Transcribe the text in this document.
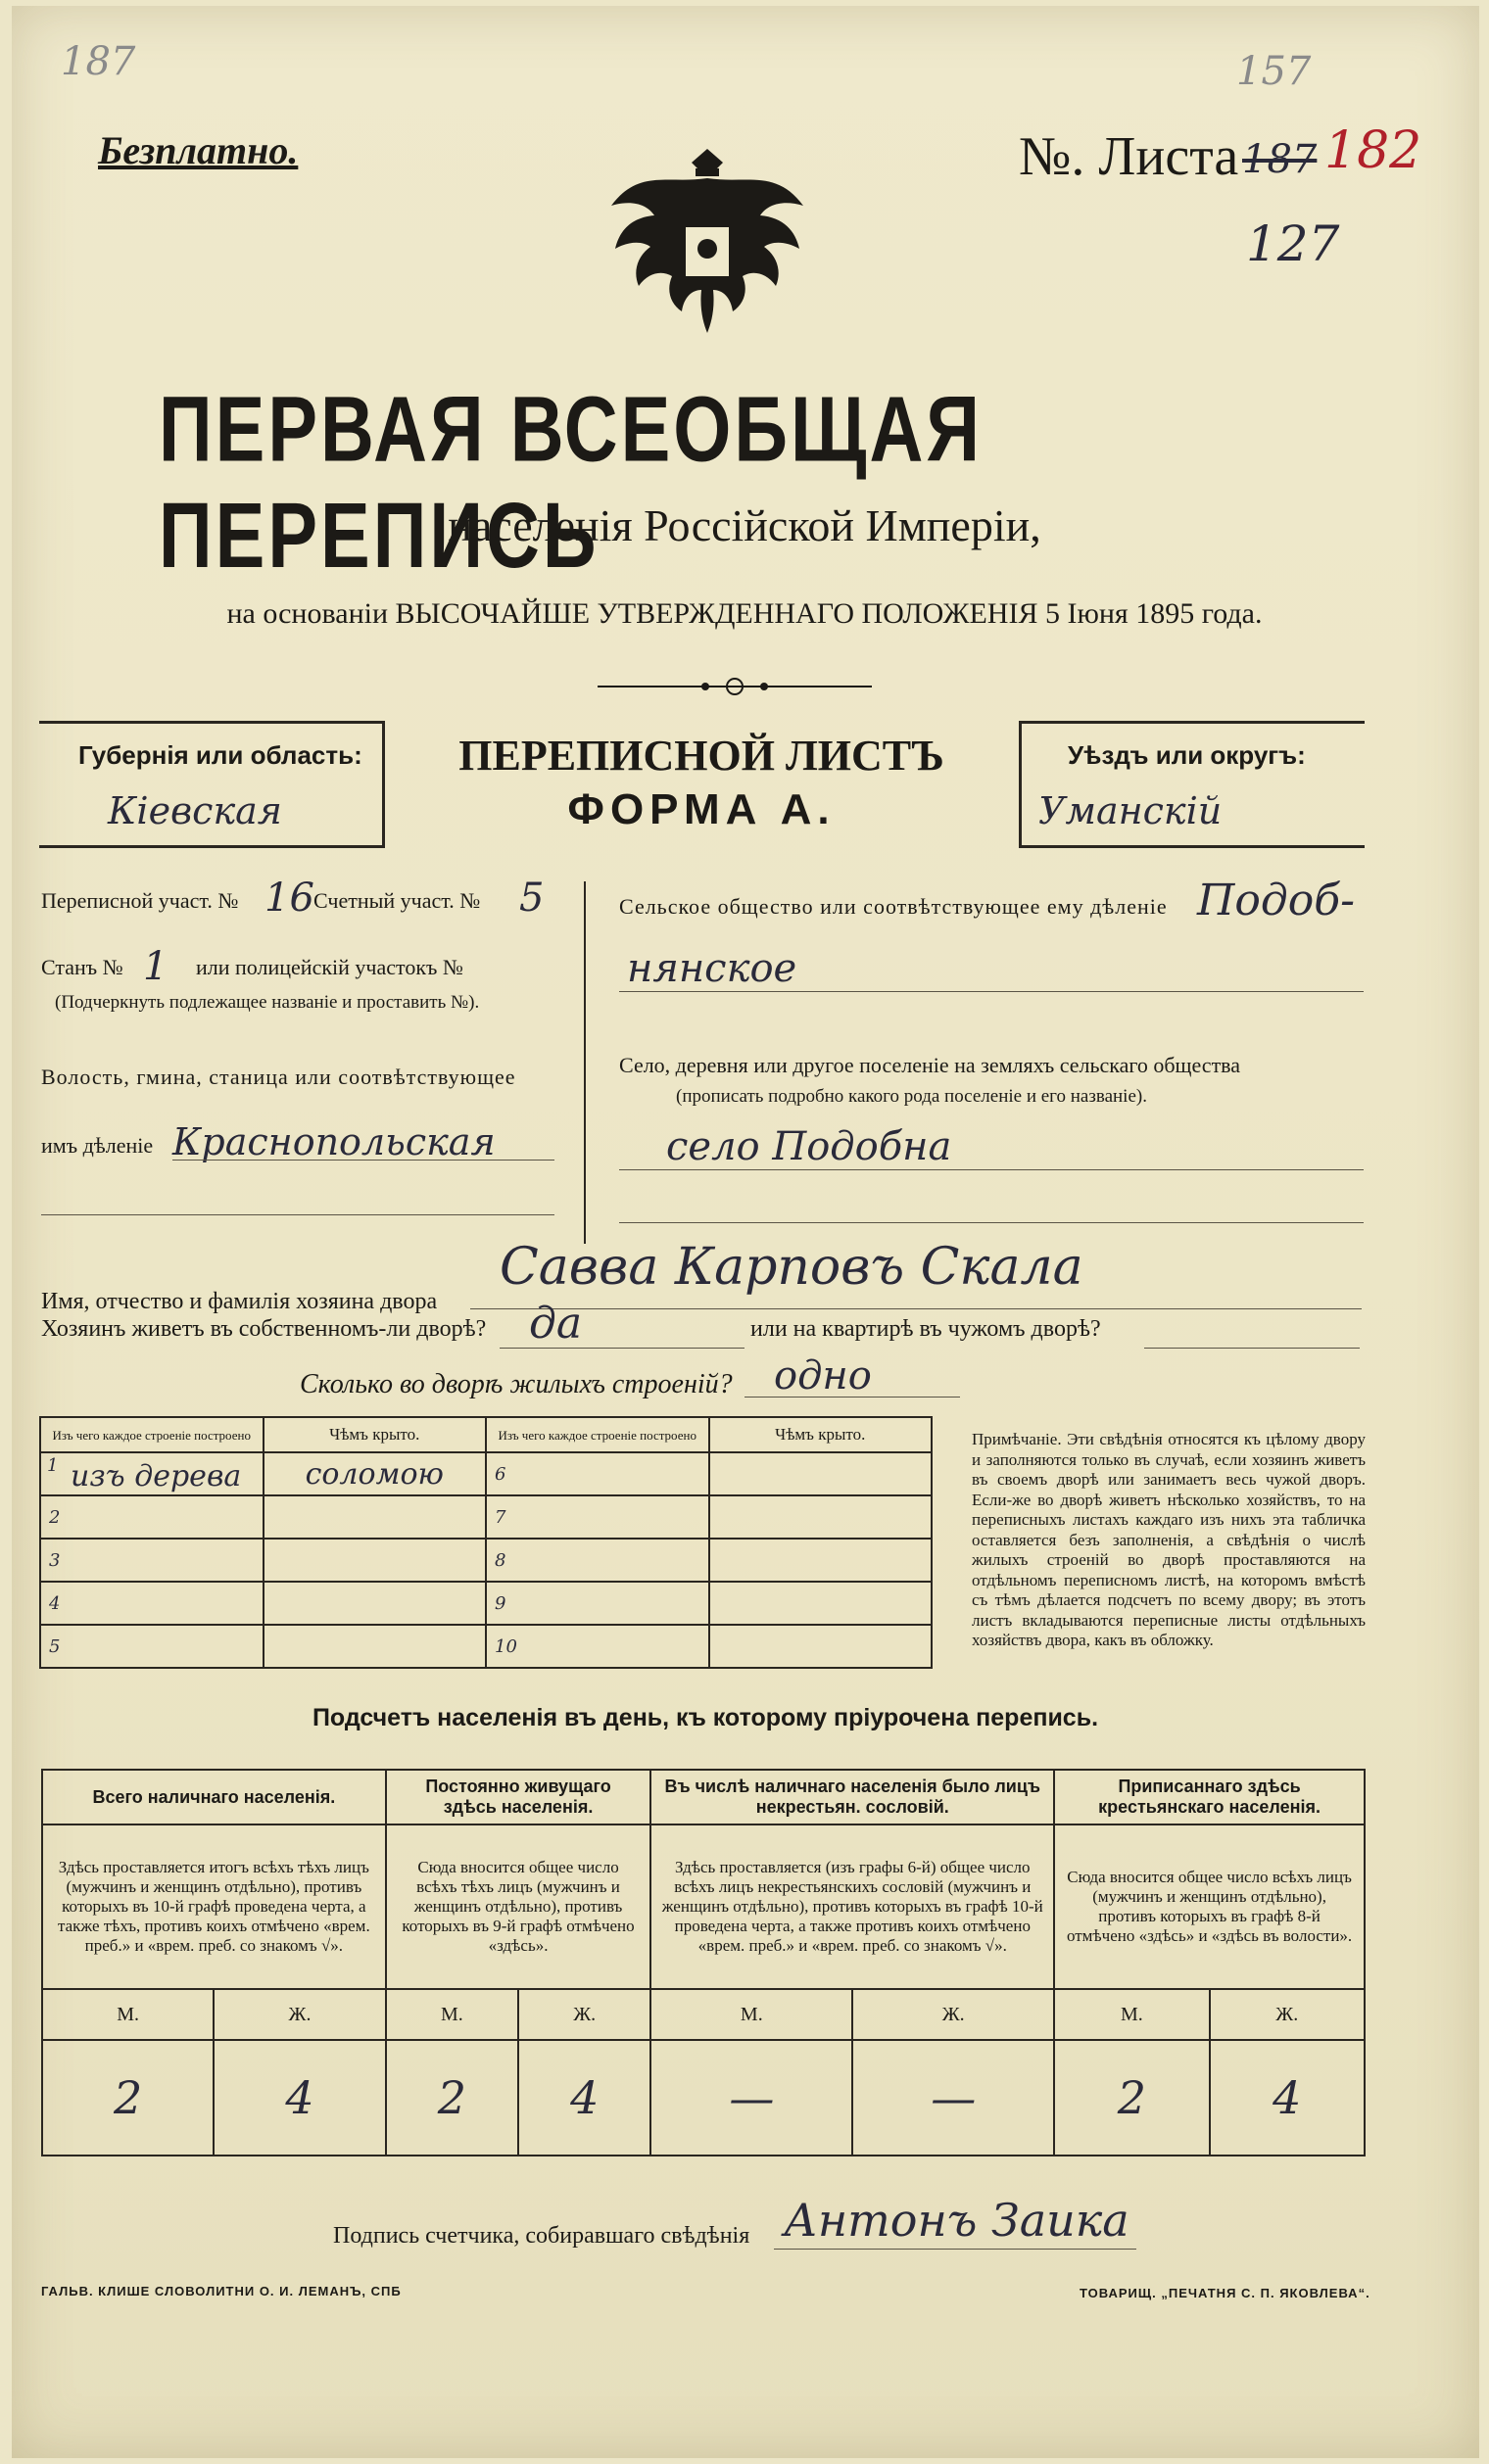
187	157
Безплатно.	№. Листа 187 182
127
ПЕРВАЯ ВСЕОБЩАЯ ПЕРЕПИСЬ
населенія Россійской Имперіи,
на основаніи ВЫСОЧАЙШЕ УТВЕРЖДЕННАГО ПОЛОЖЕНІЯ 5 Іюня 1895 года.
Губернія или область:
Кіевская
ПЕРЕПИСНОЙ ЛИСТЪ
ФОРМА А.
Уѣздъ или округъ:
Уманскій
Переписной участ. № 16 Счетный участ. № 5
Станъ № 1 или полицейскій участокъ №
(Подчеркнуть подлежащее названіе и проставить №).
Волость, гмина, станица или соотвѣтствующее
имъ дѣленіе Краснопольская
Сельское общество или соотвѣтствующее ему дѣленіе Подоб-
нянское
Село, деревня или другое поселеніе на земляхъ сельскаго общества
(прописать подробно какого рода поселеніе и его названіе).
село Подобна
Имя, отчество и фамилія хозяина двора
Савва Карповъ Скала
Хозяинъ живетъ въ собственномъ-ли дворѣ? да	или на квартирѣ въ чужомъ дворѣ?
Сколько во дворѣ жилыхъ строеній? одно
Изъ чего каждое строеніе построено	Чѣмъ крыто.	Изъ чего каждое строеніе построено	Чѣмъ крыто.

1 изъ дерева	соломою	6	
2		7	
3		8	
4		9	
5		10	
Примѣчаніе. Эти свѣдѣнія относятся къ цѣлому двору и заполняются только въ случаѣ, если хозяинъ живетъ въ своемъ дворѣ или занимаетъ весь чужой дворъ. Если-же во дворѣ живетъ нѣсколько хозяйствъ, то на переписныхъ листахъ каждаго изъ нихъ эта табличка оставляется безъ заполненія, а свѣдѣнія о числѣ жилыхъ строеній во дворѣ проставляются на отдѣльномъ переписномъ листѣ, на которомъ вмѣстѣ съ тѣмъ дѣлается подсчетъ по всему двору; въ этотъ листъ вкладываются переписные листы отдѣльныхъ хозяйствъ двора, какъ въ обложку.
Подсчетъ населенія въ день, къ которому пріурочена перепись.
Всего наличнаго населенія.		Постоянно живущаго здѣсь населенія.		Въ числѣ наличнаго населенія было лицъ некрестьян. сословій.		Приписаннаго здѣсь крестьянскаго населенія.	
Здѣсь проставляется итогъ всѣхъ тѣхъ лицъ (мужчинъ и женщинъ отдѣльно), противъ которыхъ въ 10-й графѣ проведена черта, а также тѣхъ, противъ коихъ отмѣчено «врем. преб.» и «врем. преб. со знакомъ √».		Сюда вносится общее число всѣхъ тѣхъ лицъ (мужчинъ и женщинъ отдѣльно), противъ которыхъ въ 9-й графѣ отмѣчено «здѣсь».		Здѣсь проставляется (изъ графы 6-й) общее число всѣхъ лицъ некрестьянскихъ сословій (мужчинъ и женщинъ отдѣльно), противъ которыхъ въ графѣ 10-й проведена черта, а также противъ коихъ отмѣчено «врем. преб.» и «врем. преб. со знакомъ √».		Сюда вносится общее число всѣхъ лицъ (мужчинъ и женщинъ отдѣльно), противъ которыхъ въ графѣ 8-й отмѣчено «здѣсь» и «здѣсь въ волости».	
М.	Ж.	М.	Ж.	М.	Ж.	М.	Ж.
2	4	2	4	—	—	2	4
Подпись счетчика, собиравшаго свѣдѣнія Антонъ Заика
ГАЛЬВ. КЛИШЕ СЛОВОЛИТНИ О. И. ЛЕМАНЪ, СПБ	ТОВАРИЩ. „ПЕЧАТНЯ С. П. ЯКОВЛЕВА“.
